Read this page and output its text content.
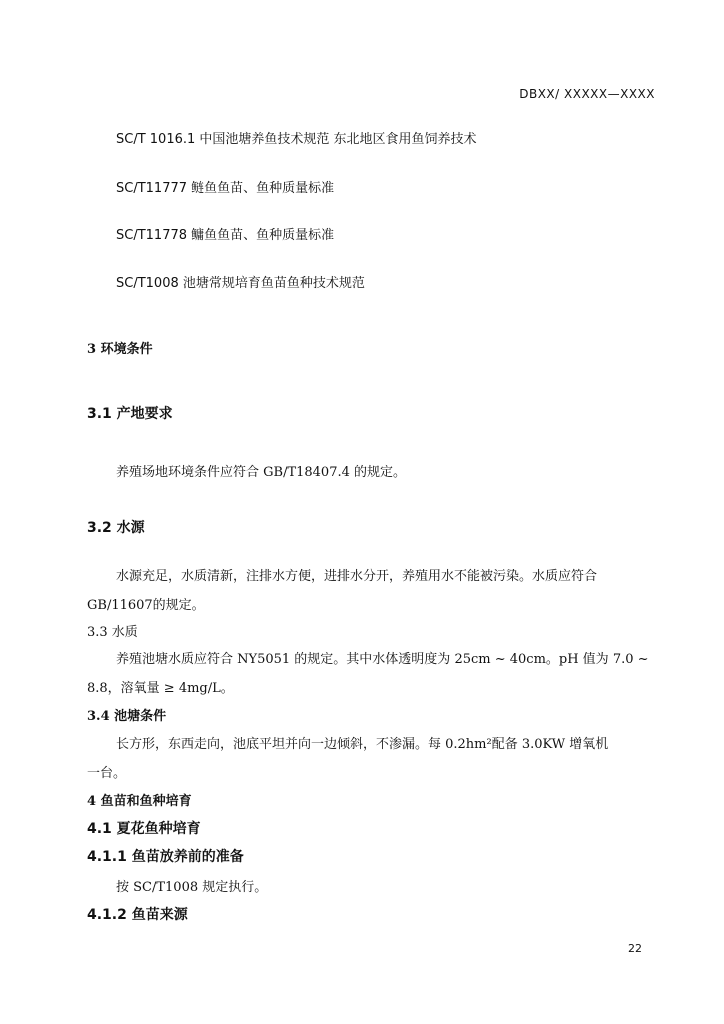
DBXX/ XXXXX—XXXX
SC/T 1016.1 中国池塘养鱼技术规范 东北地区食用鱼饲养技术
SC/T11777 鲢鱼鱼苗、鱼种质量标准
SC/T11778 鳙鱼鱼苗、鱼种质量标准
SC/T1008 池塘常规培育鱼苗鱼种技术规范
3 环境条件
3.1 产地要求
养殖场地环境条件应符合 GB/T18407.4 的规定。
3.2 水源
水源充足，水质清新，注排水方便，进排水分开，养殖用水不能被污染。水质应符合
GB/11607的规定。
3.3 水质
养殖池塘水质应符合 NY5051 的规定。其中水体透明度为 25cm ~ 40cm。pH 值为 7.0 ~
8.8，溶氧量 ≥ 4mg/L。
3.4 池塘条件
长方形，东西走向，池底平坦并向一边倾斜，不渗漏。每 0.2hm²配备 3.0KW 增氧机
一台。
4 鱼苗和鱼种培育
4.1 夏花鱼种培育
4.1.1 鱼苗放养前的准备
按 SC/T1008 规定执行。
4.1.2 鱼苗来源
22
